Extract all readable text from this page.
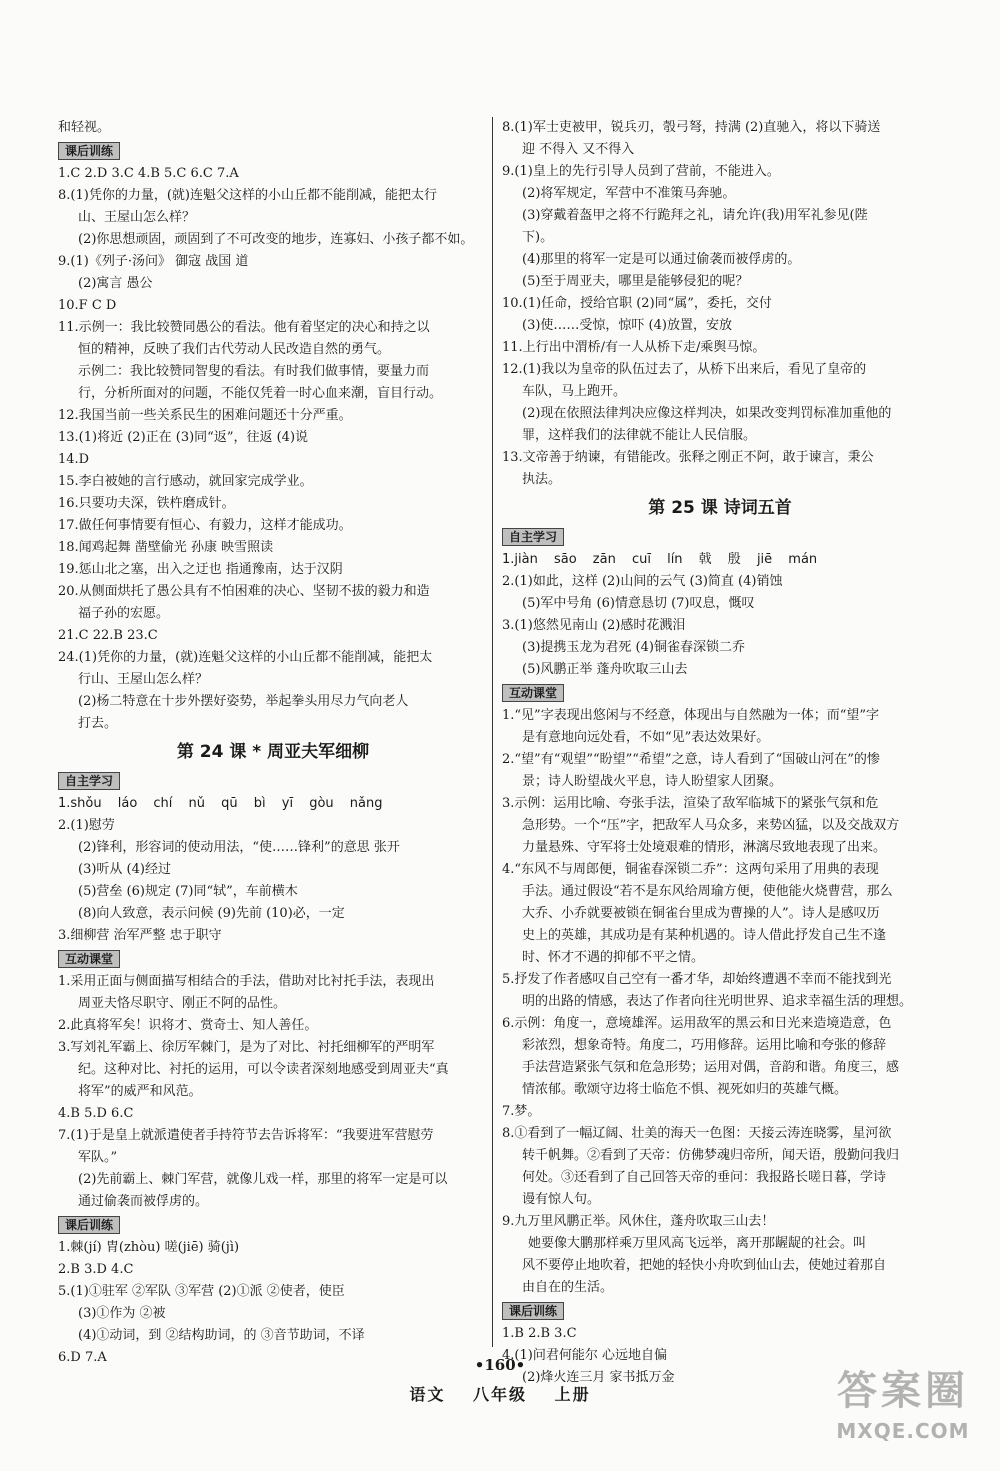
和轻视。
课后训练
1.C 2.D 3.C 4.B 5.C 6.C 7.A
8.(1)凭你的力量，(就)连魁父这样的小山丘都不能削减，能把太行
山、王屋山怎么样？
(2)你思想顽固，顽固到了不可改变的地步，连寡妇、小孩子都不如。
9.(1)《列子·汤问》 御寇 战国 道
(2)寓言 愚公
10.F C D
11.示例一：我比较赞同愚公的看法。他有着坚定的决心和持之以
恒的精神，反映了我们古代劳动人民改造自然的勇气。
示例二：我比较赞同智叟的看法。有时我们做事情，要量力而
行，分析所面对的问题，不能仅凭着一时心血来潮，盲目行动。
12.我国当前一些关系民生的困难问题还十分严重。
13.(1)将近 (2)正在 (3)同“返”，往返 (4)说
14.D
15.李白被她的言行感动，就回家完成学业。
16.只要功夫深，铁杵磨成针。
17.做任何事情要有恒心、有毅力，这样才能成功。
18.闻鸡起舞 凿壁偷光 孙康 映雪照读
19.惩山北之塞，出入之迂也 指通豫南，达于汉阴
20.从侧面烘托了愚公具有不怕困难的决心、坚韧不拔的毅力和造
福子孙的宏愿。
21.C 22.B 23.C
24.(1)凭你的力量，(就)连魁父这样的小山丘都不能削减，能把太
行山、王屋山怎么样？
(2)杨二特意在十步外摆好姿势，举起拳头用尽力气向老人
打去。
第 24 课 * 周亚夫军细柳
自主学习
1.shǒu láo chí nǔ qū bì yī gòu nǎng
2.(1)慰劳
(2)锋利，形容词的使动用法，“使……锋利”的意思 张开
(3)听从 (4)经过
(5)营垒 (6)规定 (7)同“轼”，车前横木
(8)向人致意，表示问候 (9)先前 (10)必，一定
3.细柳营 治军严整 忠于职守
互动课堂
1.采用正面与侧面描写相结合的手法，借助对比衬托手法，表现出
周亚夫恪尽职守、刚正不阿的品性。
2.此真将军矣！识将才、赏奇士、知人善任。
3.写刘礼军霸上、徐厉军棘门，是为了对比、衬托细柳军的严明军
纪。这种对比、衬托的运用，可以令读者深刻地感受到周亚夫“真
将军”的威严和风范。
4.B 5.D 6.C
7.(1)于是皇上就派遣使者手持符节去告诉将军：“我要进军营慰劳
军队。”
(2)先前霸上、棘门军营，就像儿戏一样，那里的将军一定是可以
通过偷袭而被俘虏的。
课后训练
1.棘(jí) 胄(zhòu) 嗟(jiē) 骑(jì)
2.B 3.D 4.C
5.(1)①驻军 ②军队 ③军营 (2)①派 ②使者，使臣
(3)①作为 ②被
(4)①动词，到 ②结构助词，的 ③音节助词，不译
6.D 7.A
8.(1)军士吏被甲，锐兵刃，彀弓弩，持满 (2)直驰入，将以下骑送
迎 不得入 又不得入
9.(1)皇上的先行引导人员到了营前，不能进入。
(2)将军规定，军营中不准策马奔驰。
(3)穿戴着盔甲之将不行跪拜之礼，请允许(我)用军礼参见(陛
下)。
(4)那里的将军一定是可以通过偷袭而被俘虏的。
(5)至于周亚夫，哪里是能够侵犯的呢？
10.(1)任命，授给官职 (2)同“属”，委托，交付
(3)使……受惊，惊吓 (4)放置，安放
11.上行出中渭桥/有一人从桥下走/乘舆马惊。
12.(1)我以为皇帝的队伍过去了，从桥下出来后，看见了皇帝的
车队，马上跑开。
(2)现在依照法律判决应像这样判决，如果改变判罚标准加重他的
罪，这样我们的法律就不能让人民信服。
13.文帝善于纳谏，有错能改。张释之刚正不阿，敢于谏言，秉公
执法。
第 25 课 诗词五首
自主学习
1.jiàn sāo zān cuī lín 戟 殷 jiē mán
2.(1)如此，这样 (2)山间的云气 (3)简直 (4)销蚀
(5)军中号角 (6)情意恳切 (7)叹息，慨叹
3.(1)悠然见南山 (2)感时花溅泪
(3)提携玉龙为君死 (4)铜雀春深锁二乔
(5)风鹏正举 蓬舟吹取三山去
互动课堂
1.“见”字表现出悠闲与不经意，体现出与自然融为一体；而“望”字
是有意地向远处看，不如“见”表达效果好。
2.“望”有“观望”“盼望”“希望”之意，诗人看到了“国破山河在”的惨
景；诗人盼望战火平息，诗人盼望家人团聚。
3.示例：运用比喻、夸张手法，渲染了敌军临城下的紧张气氛和危
急形势。一个“压”字，把敌军人马众多，来势凶猛，以及交战双方
力量悬殊、守军将士处境艰难的情形，淋漓尽致地表现了出来。
4.“东风不与周郎便，铜雀春深锁二乔”：这两句采用了用典的表现
手法。通过假设“若不是东风给周瑜方便，使他能火烧曹营，那么
大乔、小乔就要被锁在铜雀台里成为曹操的人”。诗人是感叹历
史上的英雄，其成功是有某种机遇的。诗人借此抒发自己生不逢
时、怀才不遇的抑郁不平之情。
5.抒发了作者感叹自己空有一番才华，却始终遭遇不幸而不能找到光
明的出路的情感，表达了作者向往光明世界、追求幸福生活的理想。
6.示例：角度一，意境雄浑。运用敌军的黑云和日光来造境造意，色
彩浓烈，想象奇特。角度二，巧用修辞。运用比喻和夸张的修辞
手法营造紧张气氛和危急形势；运用对偶，音韵和谐。角度三，感
情浓郁。歌颂守边将士临危不惧、视死如归的英雄气概。
7.梦。
8.①看到了一幅辽阔、壮美的海天一色图：天接云涛连晓雾，星河欲
转千帆舞。②看到了天帝：仿佛梦魂归帝所，闻天语，殷勤问我归
何处。③还看到了自己回答天帝的垂问：我报路长嗟日暮，学诗
谩有惊人句。
9.九万里风鹏正举。风休住，蓬舟吹取三山去！
她要像大鹏那样乘万里风高飞远举，离开那龌龊的社会。叫
风不要停止地吹着，把她的轻快小舟吹到仙山去，使她过着那自
由自在的生活。
课后训练
1.B 2.B 3.C
4.(1)问君何能尔 心远地自偏
(2)烽火连三月 家书抵万金
•160•
语文 八年级 上册	答案圈
MXQE.COM
